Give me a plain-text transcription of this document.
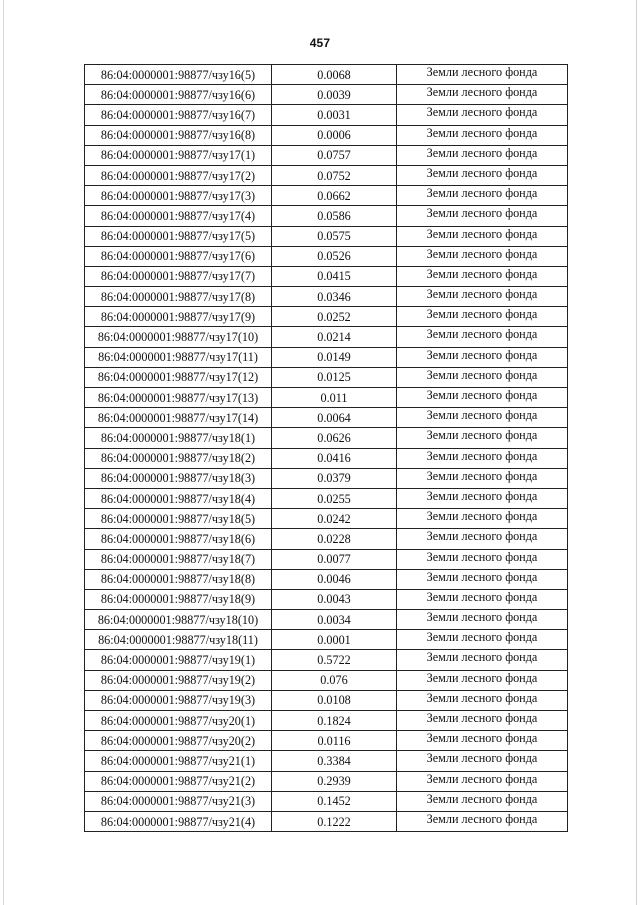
457
86:04:0000001:98877/чзу16(5)	0.0068	Земли лесного фонда
86:04:0000001:98877/чзу16(6)	0.0039	Земли лесного фонда
86:04:0000001:98877/чзу16(7)	0.0031	Земли лесного фонда
86:04:0000001:98877/чзу16(8)	0.0006	Земли лесного фонда
86:04:0000001:98877/чзу17(1)	0.0757	Земли лесного фонда
86:04:0000001:98877/чзу17(2)	0.0752	Земли лесного фонда
86:04:0000001:98877/чзу17(3)	0.0662	Земли лесного фонда
86:04:0000001:98877/чзу17(4)	0.0586	Земли лесного фонда
86:04:0000001:98877/чзу17(5)	0.0575	Земли лесного фонда
86:04:0000001:98877/чзу17(6)	0.0526	Земли лесного фонда
86:04:0000001:98877/чзу17(7)	0.0415	Земли лесного фонда
86:04:0000001:98877/чзу17(8)	0.0346	Земли лесного фонда
86:04:0000001:98877/чзу17(9)	0.0252	Земли лесного фонда
86:04:0000001:98877/чзу17(10)	0.0214	Земли лесного фонда
86:04:0000001:98877/чзу17(11)	0.0149	Земли лесного фонда
86:04:0000001:98877/чзу17(12)	0.0125	Земли лесного фонда
86:04:0000001:98877/чзу17(13)	0.011	Земли лесного фонда
86:04:0000001:98877/чзу17(14)	0.0064	Земли лесного фонда
86:04:0000001:98877/чзу18(1)	0.0626	Земли лесного фонда
86:04:0000001:98877/чзу18(2)	0.0416	Земли лесного фонда
86:04:0000001:98877/чзу18(3)	0.0379	Земли лесного фонда
86:04:0000001:98877/чзу18(4)	0.0255	Земли лесного фонда
86:04:0000001:98877/чзу18(5)	0.0242	Земли лесного фонда
86:04:0000001:98877/чзу18(6)	0.0228	Земли лесного фонда
86:04:0000001:98877/чзу18(7)	0.0077	Земли лесного фонда
86:04:0000001:98877/чзу18(8)	0.0046	Земли лесного фонда
86:04:0000001:98877/чзу18(9)	0.0043	Земли лесного фонда
86:04:0000001:98877/чзу18(10)	0.0034	Земли лесного фонда
86:04:0000001:98877/чзу18(11)	0.0001	Земли лесного фонда
86:04:0000001:98877/чзу19(1)	0.5722	Земли лесного фонда
86:04:0000001:98877/чзу19(2)	0.076	Земли лесного фонда
86:04:0000001:98877/чзу19(3)	0.0108	Земли лесного фонда
86:04:0000001:98877/чзу20(1)	0.1824	Земли лесного фонда
86:04:0000001:98877/чзу20(2)	0.0116	Земли лесного фонда
86:04:0000001:98877/чзу21(1)	0.3384	Земли лесного фонда
86:04:0000001:98877/чзу21(2)	0.2939	Земли лесного фонда
86:04:0000001:98877/чзу21(3)	0.1452	Земли лесного фонда
86:04:0000001:98877/чзу21(4)	0.1222	Земли лесного фонда
